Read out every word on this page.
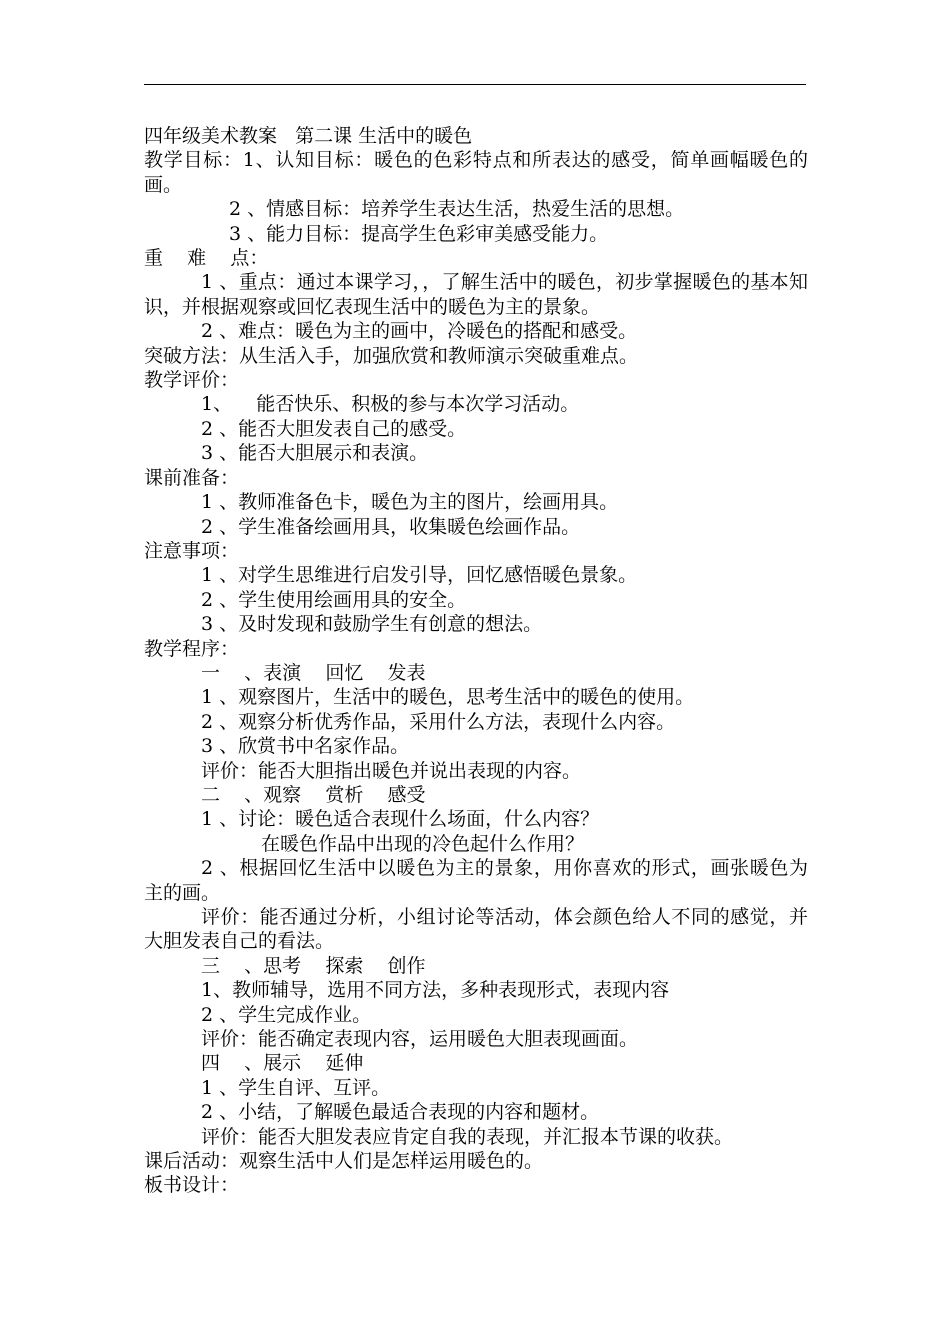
四年级美术教案   第二课 生活中的暖色
教学目标：1、认知目标：暖色的色彩特点和所表达的感受，简单画幅暖色的画。
2 、情感目标：培养学生表达生活，热爱生活的思想。
3 、能力目标：提高学生色彩审美感受能力。
重    难    点：
1 、重点：通过本课学习，，了解生活中的暖色，初步掌握暖色的基本知识，并根据观察或回忆表现生活中的暖色为主的景象。
2 、难点：暖色为主的画中，冷暖色的搭配和感受。
突破方法：从生活入手，加强欣赏和教师演示突破重难点。
教学评价：
1、    能否快乐、积极的参与本次学习活动。
2 、能否大胆发表自己的感受。
3 、能否大胆展示和表演。
课前准备：
1 、教师准备色卡，暖色为主的图片，绘画用具。
2 、学生准备绘画用具，收集暖色绘画作品。
注意事项：
1 、对学生思维进行启发引导，回忆感悟暖色景象。
2 、学生使用绘画用具的安全。
3 、及时发现和鼓励学生有创意的想法。
教学程序：
一    、表演    回忆    发表
1 、观察图片，生活中的暖色，思考生活中的暖色的使用。
2 、观察分析优秀作品，采用什么方法，表现什么内容。
3 、欣赏书中名家作品。
评价：能否大胆指出暖色并说出表现的内容。
二    、观察    赏析    感受
1 、讨论：暖色适合表现什么场面，什么内容？
在暖色作品中出现的冷色起什么作用？
2 、根据回忆生活中以暖色为主的景象，用你喜欢的形式，画张暖色为主的画。
评价：能否通过分析，小组讨论等活动，体会颜色给人不同的感觉，并大胆发表自己的看法。
三    、思考    探索    创作
1、教师辅导，选用不同方法，多种表现形式，表现内容
2 、学生完成作业。
评价：能否确定表现内容，运用暖色大胆表现画面。
四    、展示    延伸
1 、学生自评、互评。
2 、小结，了解暖色最适合表现的内容和题材。
评价：能否大胆发表应肯定自我的表现，并汇报本节课的收获。
课后活动：观察生活中人们是怎样运用暖色的。
板书设计：
